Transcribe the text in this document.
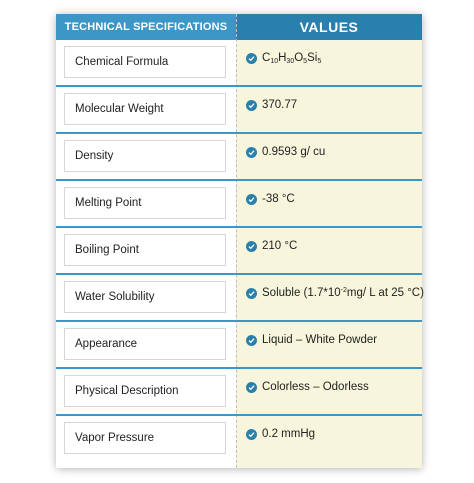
TECHNICAL SPECIFICATIONS	VALUES
Chemical Formula	$C_{10}H_{30}O_5Si_5$
Molecular Weight	370.77
Density	0.9593 g/ cu
Melting Point	-38 °C
Boiling Point	210 °C
Water Solubility	Soluble ($1.7*10^{-2}mg/$ L at 25 °C)
Appearance	Liquid – White Powder
Physical Description	Colorless – Odorless
Vapor Pressure	0.2 mmHg
